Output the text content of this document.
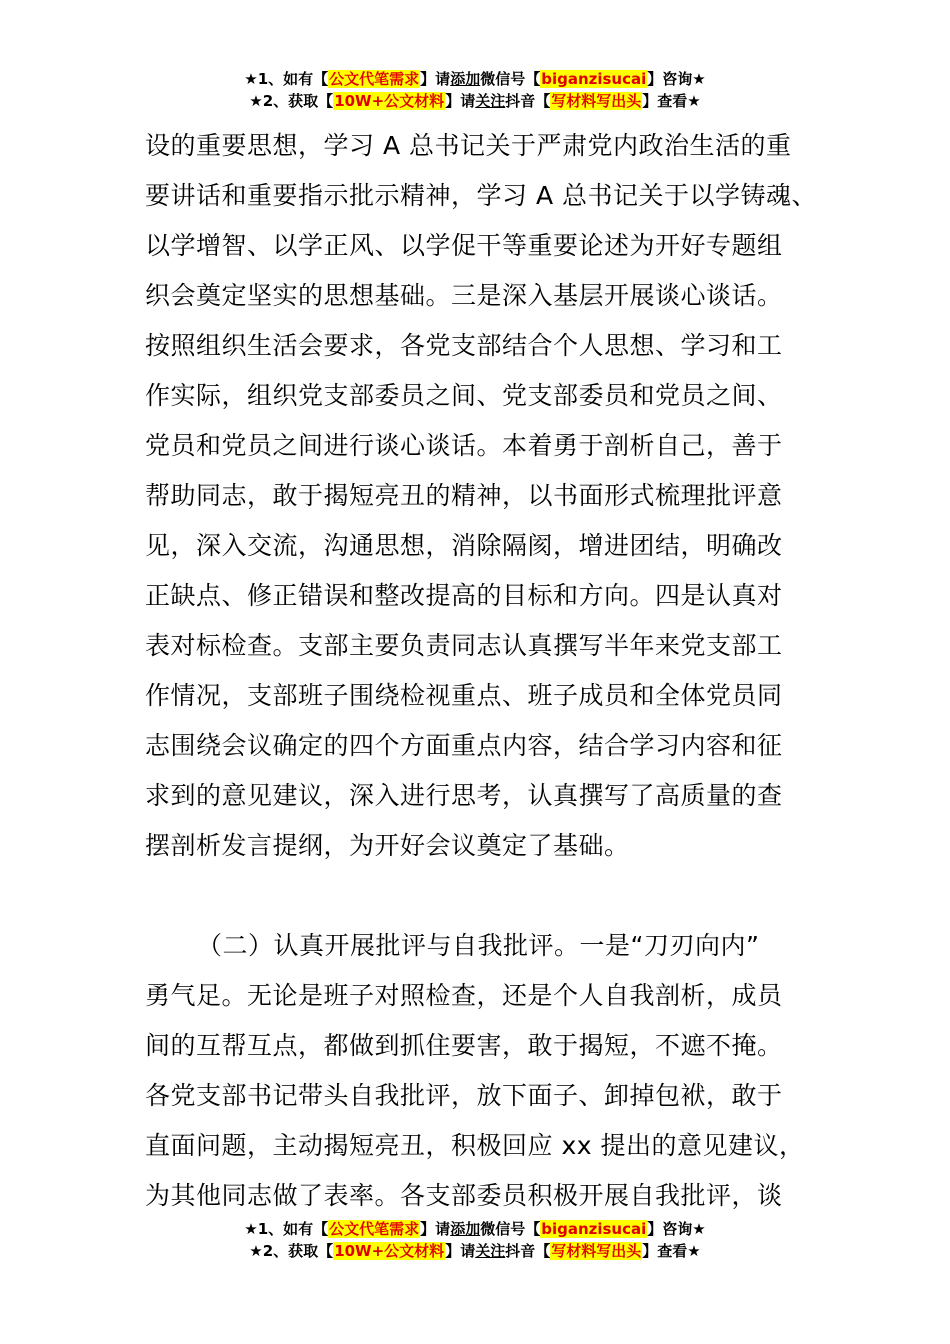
★1、如有【公文代笔需求】请添加微信号【biganzisucai】咨询★
★2、获取【10W+公文材料】请关注抖音【写材料写出头】查看★
设的重要思想，学习 A 总书记关于严肃党内政治生活的重
要讲话和重要指示批示精神，学习 A 总书记关于以学铸魂、
以学增智、以学正风、以学促干等重要论述为开好专题组
织会奠定坚实的思想基础。三是深入基层开展谈心谈话。
按照组织生活会要求，各党支部结合个人思想、学习和工
作实际，组织党支部委员之间、党支部委员和党员之间、
党员和党员之间进行谈心谈话。本着勇于剖析自己，善于
帮助同志，敢于揭短亮丑的精神，以书面形式梳理批评意
见，深入交流，沟通思想，消除隔阂，增进团结，明确改
正缺点、修正错误和整改提高的目标和方向。四是认真对
表对标检查。支部主要负责同志认真撰写半年来党支部工
作情况，支部班子围绕检视重点、班子成员和全体党员同
志围绕会议确定的四个方面重点内容，结合学习内容和征
求到的意见建议，深入进行思考，认真撰写了高质量的查
摆剖析发言提纲，为开好会议奠定了基础。
（二）认真开展批评与自我批评。一是“刀刃向内”
勇气足。无论是班子对照检查，还是个人自我剖析，成员
间的互帮互点，都做到抓住要害，敢于揭短，不遮不掩。
各党支部书记带头自我批评，放下面子、卸掉包袱，敢于
直面问题，主动揭短亮丑，积极回应 xx 提出的意见建议，
为其他同志做了表率。各支部委员积极开展自我批评，谈
★1、如有【公文代笔需求】请添加微信号【biganzisucai】咨询★
★2、获取【10W+公文材料】请关注抖音【写材料写出头】查看★
